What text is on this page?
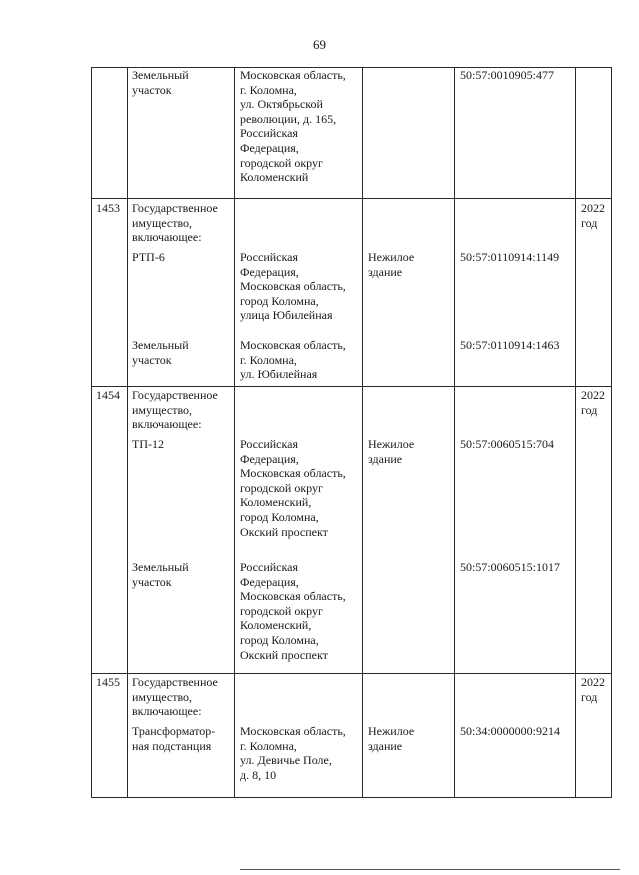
69
Земельный
участок
Московская область,
г. Коломна,
ул. Октябрьской
революции, д. 165,
Российская
Федерация,
городской округ
Коломенский
50:57:0010905:477
1453 Государственное
имущество,
включающее:
2022
год
РТП-6	Российская
Федерация,
Московская область,
город Коломна,
улица Юбилейная
Нежилое
здание
50:57:0110914:1149
Земельный
участок
Московская область,
г. Коломна,
ул. Юбилейная
50:57:0110914:1463
1454 Государственное
имущество,
включающее:
2022
год
ТП-12	Российская
Федерация,
Московская область,
городской округ
Коломенский,
город Коломна,
Окский проспект
Нежилое
здание
50:57:0060515:704
Земельный
участок
Российская
Федерация,
Московская область,
городской округ
Коломенский,
город Коломна,
Окский проспект
50:57:0060515:1017
1455 Государственное
имущество,
включающее:
2022
год
Трансформатор-
ная подстанция
Московская область,
г. Коломна,
ул. Девичье Поле,
д. 8, 10
Нежилое
здание
50:34:0000000:9214
